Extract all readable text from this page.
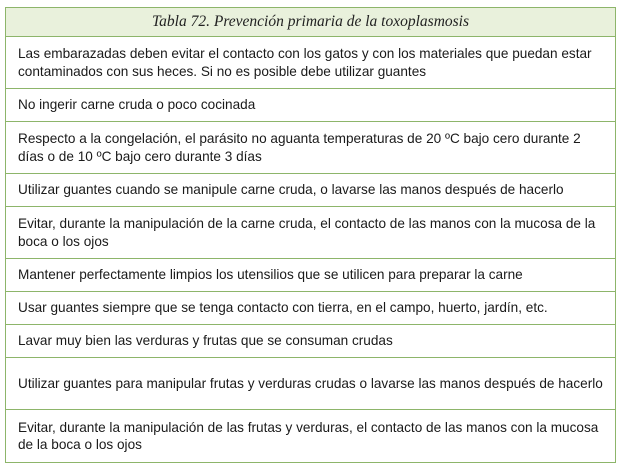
Tabla 72. Prevención primaria de la toxoplasmosis
Las embarazadas deben evitar el contacto con los gatos y con los materiales que puedan estar contaminados con sus heces. Si no es posible debe utilizar guantes
No ingerir carne cruda o poco cocinada
Respecto a la congelación, el parásito no aguanta temperaturas de 20 ºC bajo cero durante 2 días o de 10 ºC bajo cero durante 3 días
Utilizar guantes cuando se manipule carne cruda, o lavarse las manos después de hacerlo
Evitar, durante la manipulación de la carne cruda, el contacto de las manos con la mucosa de la boca o los ojos
Mantener perfectamente limpios los utensilios que se utilicen para preparar la carne
Usar guantes siempre que se tenga contacto con tierra, en el campo, huerto, jardín, etc.
Lavar muy bien las verduras y frutas que se consuman crudas
Utilizar guantes para manipular frutas y verduras crudas o lavarse las manos después de hacerlo
Evitar, durante la manipulación de las frutas y verduras, el contacto de las manos con la mucosa de la boca o los ojos
